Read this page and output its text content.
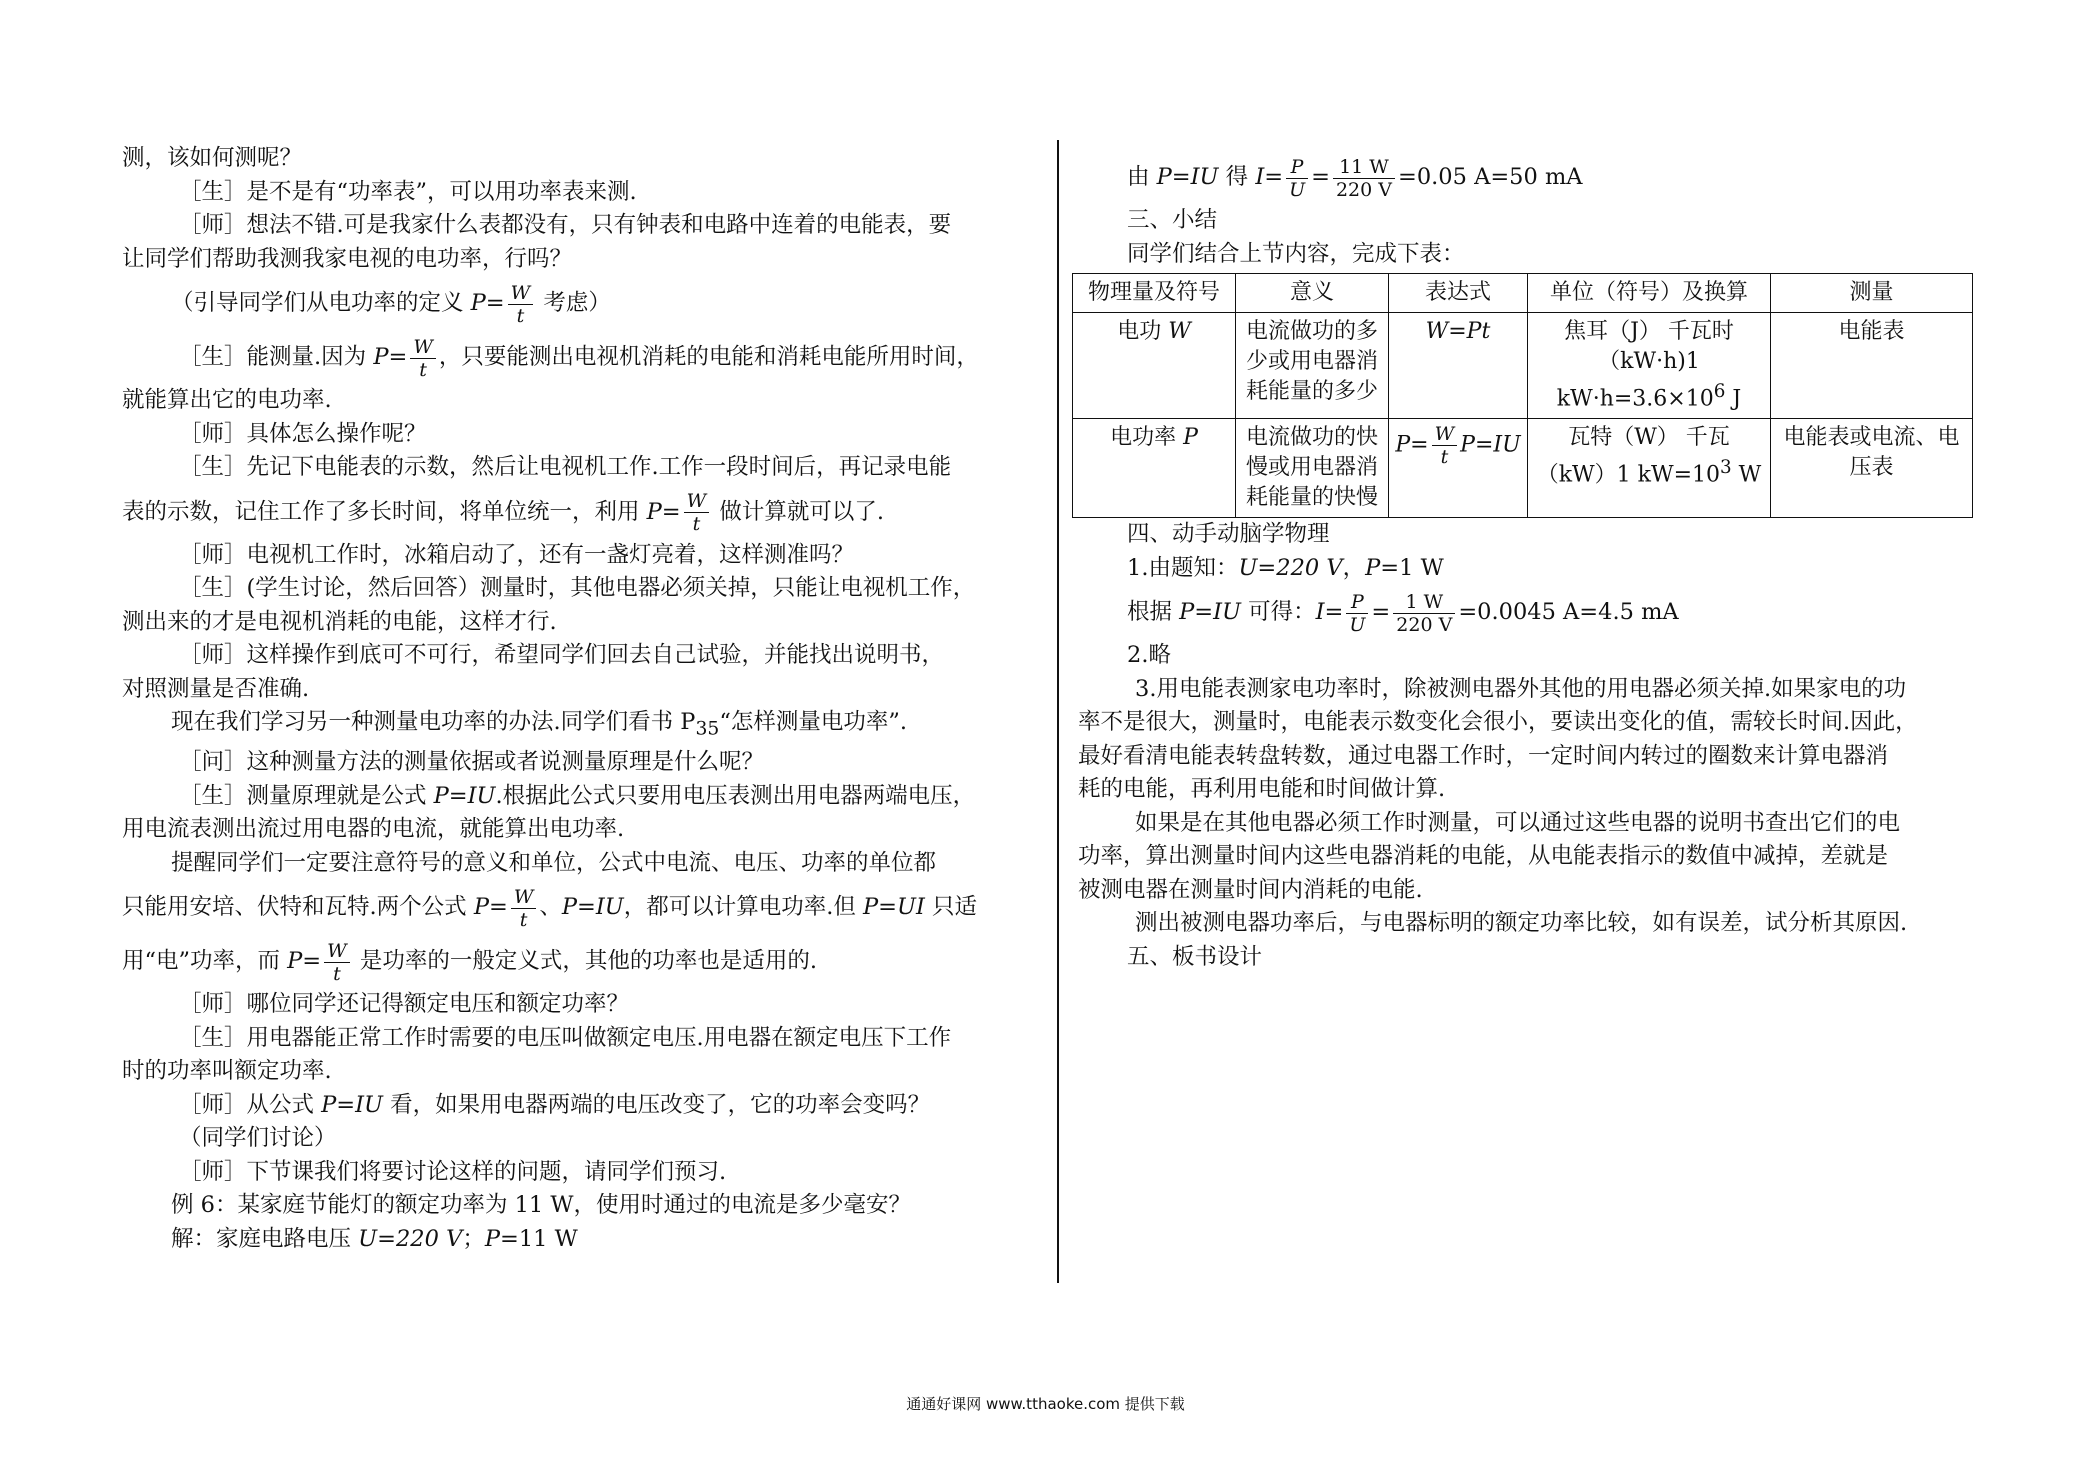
测，该如何测呢？

［生］是不是有“功率表”，可以用功率表来测.

［师］想法不错.可是我家什么表都没有，只有钟表和电路中连着的电能表，要

让同学们帮助我测我家电视的电功率，行吗？

（引导同学们从电功率的定义 $P= \frac{W}{t}$ 考虑）

［生］能测量.因为 $P= \frac{W}{t}$ ，只要能测出电视机消耗的电能和消耗电能所用时间，

就能算出它的电功率.

［师］具体怎么操作呢？

［生］先记下电能表的示数，然后让电视机工作.工作一段时间后，再记录电能

表的示数，记住工作了多长时间，将单位统一，利用 $P= \frac{W}{t}$ 做计算就可以了.

［师］电视机工作时，冰箱启动了，还有一盏灯亮着，这样测准吗？

［生］(学生讨论，然后回答）测量时，其他电器必须关掉，只能让电视机工作，

测出来的才是电视机消耗的电能，这样才行.

［师］这样操作到底可不可行，希望同学们回去自己试验，并能找出说明书，

对照测量是否准确.

现在我们学习另一种测量电功率的办法.同学们看书 $P_{35}“$怎样测量电功率”.

［问］这种测量方法的测量依据或者说测量原理是什么呢？

［生］测量原理就是公式 P=IU.根据此公式只要用电压表测出用电器两端电压，

用电流表测出流过用电器的电流，就能算出电功率.

提醒同学们一定要注意符号的意义和单位，公式中电流、电压、功率的单位都

只能用安培、伏特和瓦特.两个公式 $P= \frac{W}{t}$ 、P=IU，都可以计算电功率.但 P=UI 只适

用“电”功率，而 $P= \frac{W}{t}$ 是功率的一般定义式，其他的功率也是适用的.

［师］哪位同学还记得额定电压和额定功率？

［生］用电器能正常工作时需要的电压叫做额定电压.用电器在额定电压下工作

时的功率叫额定功率.

［师］从公式 P=IU 看，如果用电器两端的电压改变了，它的功率会变吗？

（同学们讨论）

［师］下节课我们将要讨论这样的问题，请同学们预习.

例 6：某家庭节能灯的额定功率为 11 W，使用时通过的电流是多少毫安？

解：家庭电路电压 U=220 V；P=11 W

由 P=IU 得 $I= \frac{P}{U} = \frac{11 W}{220 V} =0.05$ A=50 mA

三、小结

同学们结合上节内容，完成下表：

物理量及符号	意义	表达式	单位（符号）及换算	测量
电功 W	电流做功的多少或用电器消耗能量的多少	W=Pt	焦耳（J） 千瓦时（kW·h)1 $kW\cdot h=3.6\times 10^6$ J	电能表
电功率 P	电流做功的快慢或用电器消耗能量的快慢	$P= \frac{W}{t} P=IU$	瓦特（W） 千瓦（kW）1 $kW=10^3$ W	电能表或电流、电压表

四、动手动脑学物理

1.由题知：U=220 V，P=1 W

根据 P=IU 可得：$I= \frac{P}{U} = \frac{1 W}{220 V} =0.0045$ A=4.5 mA

2.略

3.用电能表测家电功率时，除被测电器外其他的用电器必须关掉.如果家电的功

率不是很大，测量时，电能表示数变化会很小，要读出变化的值，需较长时间.因此，

最好看清电能表转盘转数，通过电器工作时，一定时间内转过的圈数来计算电器消

耗的电能，再利用电能和时间做计算.

如果是在其他电器必须工作时测量，可以通过这些电器的说明书查出它们的电

功率，算出测量时间内这些电器消耗的电能，从电能表指示的数值中减掉，差就是

被测电器在测量时间内消耗的电能.

测出被测电器功率后，与电器标明的额定功率比较，如有误差，试分析其原因.

五、板书设计

通通好课网 www.tthaoke.com 提供下载
